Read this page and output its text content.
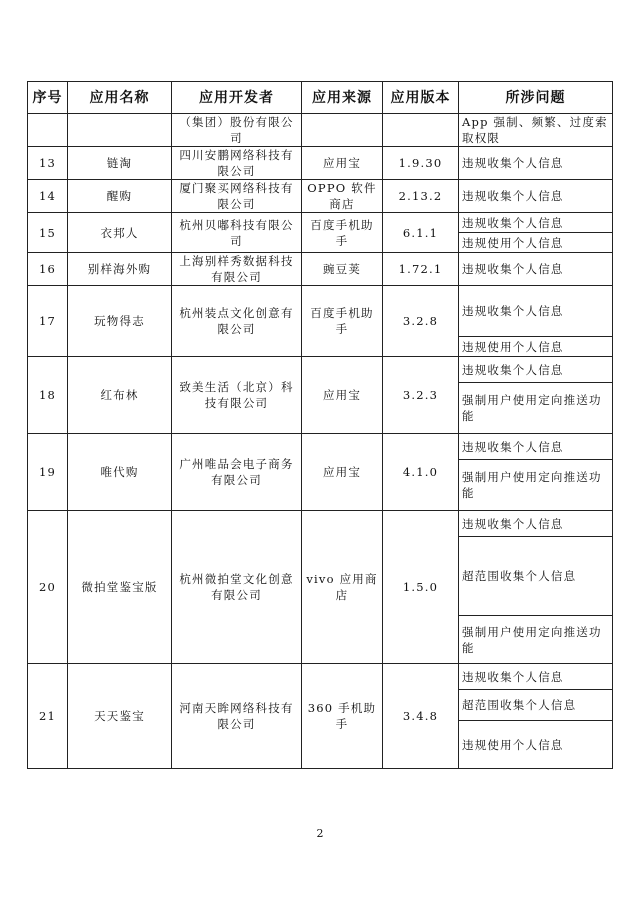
序号	应用名称	应用开发者	应用来源	应用版本	所涉问题
		（集团）股份有限公司			App 强制、频繁、过度索取权限
13	链淘	四川安鹏网络科技有限公司	应用宝	1.9.30	违规收集个人信息
14	醒购	厦门聚买网络科技有限公司	OPPO 软件商店	2.13.2	违规收集个人信息
15	衣邦人	杭州贝嘟科技有限公司	百度手机助手	6.1.1	违规收集个人信息
					违规使用个人信息
16	别样海外购	上海别样秀数据科技有限公司	豌豆荚	1.72.1	违规收集个人信息
17	玩物得志	杭州装点文化创意有限公司	百度手机助手	3.2.8	违规收集个人信息
					违规使用个人信息
18	红布林	致美生活（北京）科技有限公司	应用宝	3.2.3	违规收集个人信息
					强制用户使用定向推送功能
19	唯代购	广州唯品会电子商务有限公司	应用宝	4.1.0	违规收集个人信息
					强制用户使用定向推送功能
20	微拍堂鉴宝版	杭州微拍堂文化创意有限公司	vivo 应用商店	1.5.0	违规收集个人信息
					超范围收集个人信息
					强制用户使用定向推送功能
21	天天鉴宝	河南天眸网络科技有限公司	360 手机助手	3.4.8	违规收集个人信息
					超范围收集个人信息
					违规使用个人信息
2
